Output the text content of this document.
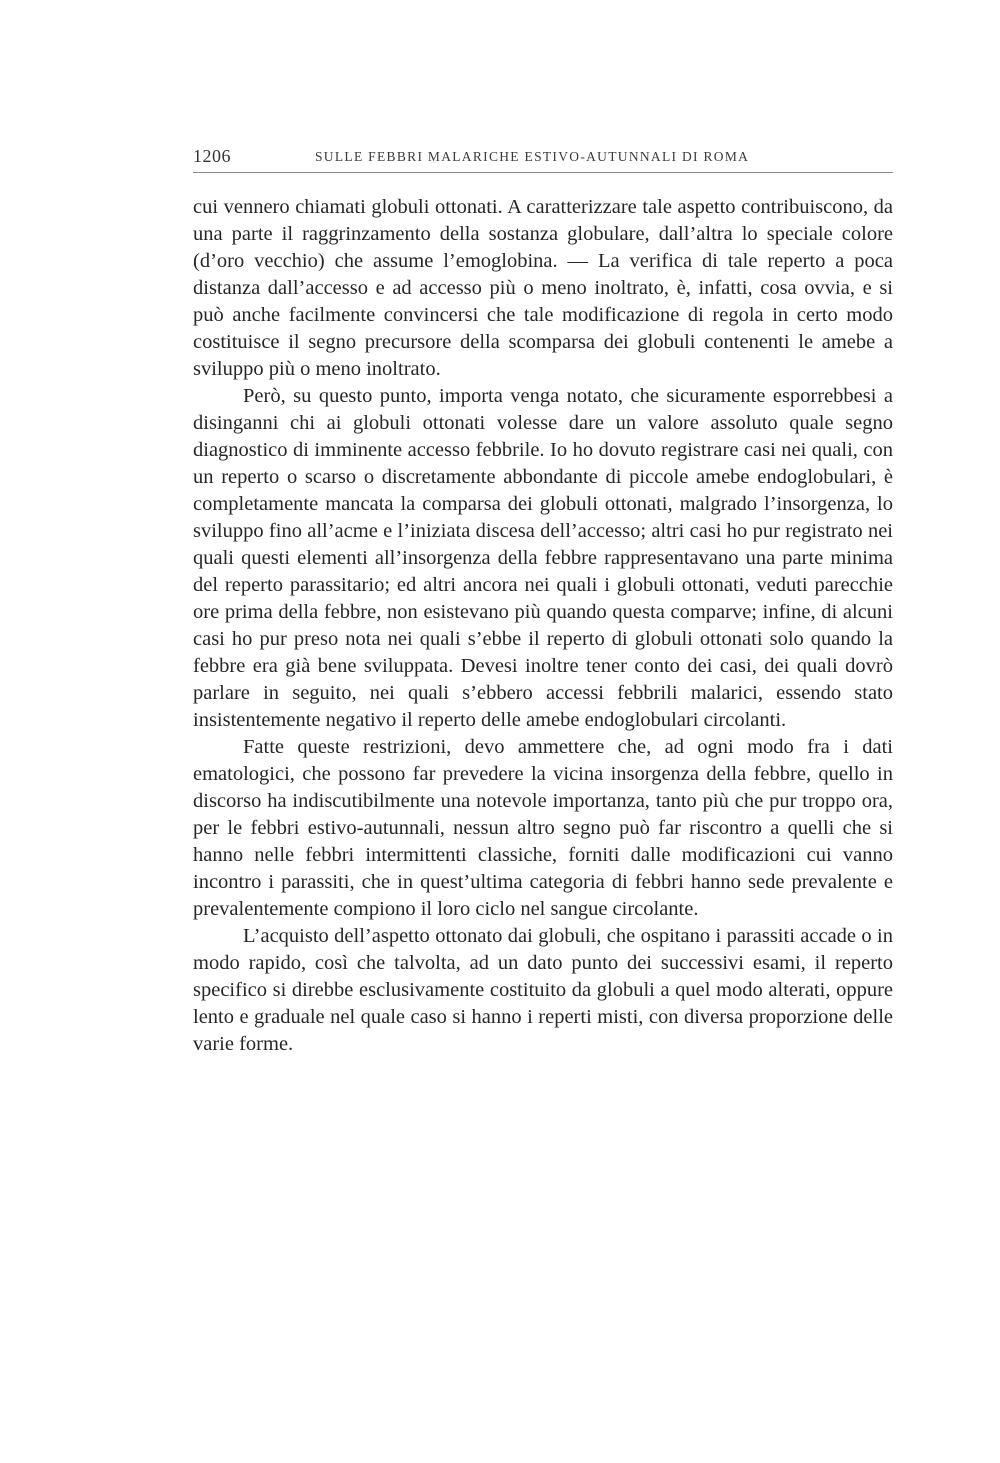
1206	SULLE FEBBRI MALARICHE ESTIVO-AUTUNNALI DI ROMA

cui vennero chiamati globuli ottonati. A caratterizzare tale aspetto contribuiscono, da una parte il raggrinzamento della sostanza globulare, dall’altra lo speciale colore (d’oro vecchio) che assume l’emoglobina. — La verifica di tale reperto a poca distanza dall’accesso e ad accesso più o meno inoltrato, è, infatti, cosa ovvia, e si può anche facilmente convincersi che tale modificazione di regola in certo modo costituisce il segno precursore della scomparsa dei globuli contenenti le amebe a sviluppo più o meno inoltrato.

Però, su questo punto, importa venga notato, che sicuramente esporrebbesi a disinganni chi ai globuli ottonati volesse dare un valore assoluto quale segno diagnostico di imminente accesso febbrile. Io ho dovuto registrare casi nei quali, con un reperto o scarso o discretamente abbondante di piccole amebe endoglobulari, è completamente mancata la comparsa dei globuli ottonati, malgrado l’insorgenza, lo sviluppo fino all’acme e l’iniziata discesa dell’accesso; altri casi ho pur registrato nei quali questi elementi all’insorgenza della febbre rappresentavano una parte minima del reperto parassitario; ed altri ancora nei quali i globuli ottonati, veduti parecchie ore prima della febbre, non esistevano più quando questa comparve; infine, di alcuni casi ho pur preso nota nei quali s’ebbe il reperto di globuli ottonati solo quando la febbre era già bene sviluppata. Devesi inoltre tener conto dei casi, dei quali dovrò parlare in seguito, nei quali s’ebbero accessi febbrili malarici, essendo stato insistentemente negativo il reperto delle amebe endoglobulari circolanti.

Fatte queste restrizioni, devo ammettere che, ad ogni modo fra i dati ematologici, che possono far prevedere la vicina insorgenza della febbre, quello in discorso ha indiscutibilmente una notevole importanza, tanto più che pur troppo ora, per le febbri estivo-autunnali, nessun altro segno può far riscontro a quelli che si hanno nelle febbri intermittenti classiche, forniti dalle modificazioni cui vanno incontro i parassiti, che in quest’ultima categoria di febbri hanno sede prevalente e prevalentemente compiono il loro ciclo nel sangue circolante.

L’acquisto dell’aspetto ottonato dai globuli, che ospitano i parassiti accade o in modo rapido, così che talvolta, ad un dato punto dei successivi esami, il reperto specifico si direbbe esclusivamente costituito da globuli a quel modo alterati, oppure lento e graduale nel quale caso si hanno i reperti misti, con diversa proporzione delle varie forme.
